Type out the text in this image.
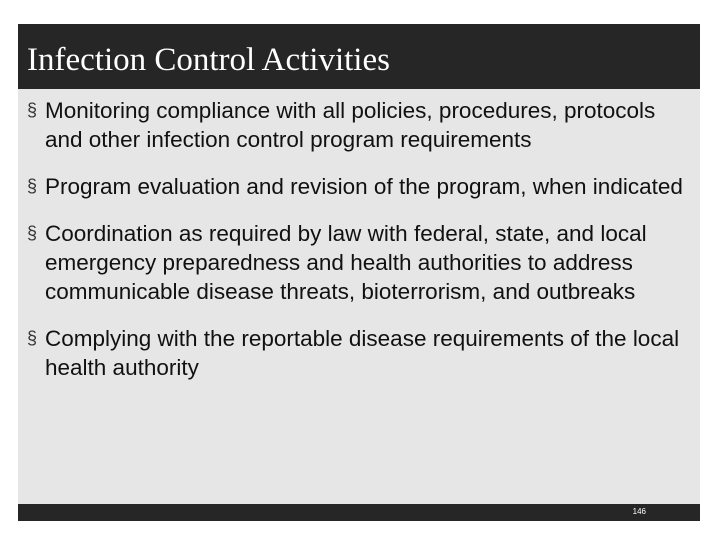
Infection Control Activities
§ Monitoring compliance with all policies, procedures, protocols and other infection control program requirements
§ Program evaluation and revision of the program, when indicated
§ Coordination as required by law with federal, state, and local emergency preparedness and health authorities to address communicable disease threats, bioterrorism, and outbreaks
§ Complying with the reportable disease requirements of the local health authority
146
